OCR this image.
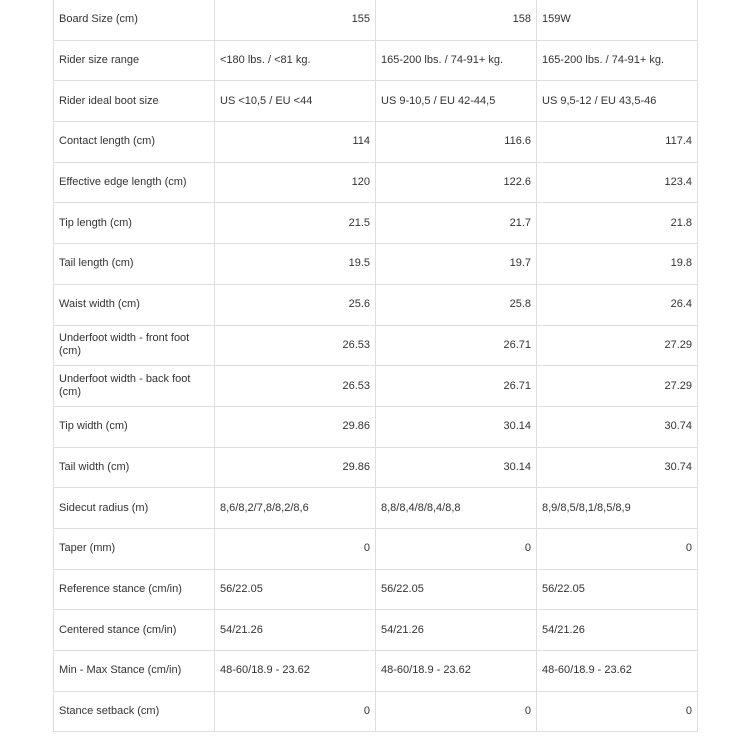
Board Size (cm)	155	158	159W
Rider size range	<180 lbs. / <81 kg.	165-200 lbs. / 74-91+ kg.	165-200 lbs. / 74-91+ kg.
Rider ideal boot size	US <10,5 / EU <44	US 9-10,5 / EU 42-44,5	US 9,5-12 / EU 43,5-46
Contact length (cm)	114	116.6	117.4
Effective edge length (cm)	120	122.6	123.4
Tip length (cm)	21.5	21.7	21.8
Tail length (cm)	19.5	19.7	19.8
Waist width (cm)	25.6	25.8	26.4
Underfoot width - front foot (cm)	26.53	26.71	27.29
Underfoot width - back foot (cm)	26.53	26.71	27.29
Tip width (cm)	29.86	30.14	30.74
Tail width (cm)	29.86	30.14	30.74
Sidecut radius (m)	8,6/8,2/7,8/8,2/8,6	8,8/8,4/8/8,4/8,8	8,9/8,5/8,1/8,5/8,9
Taper (mm)	0	0	0
Reference stance (cm/in)	56/22.05	56/22.05	56/22.05
Centered stance (cm/in)	54/21.26	54/21.26	54/21.26
Min - Max Stance (cm/in)	48-60/18.9 - 23.62	48-60/18.9 - 23.62	48-60/18.9 - 23.62
Stance setback (cm)	0	0	0
